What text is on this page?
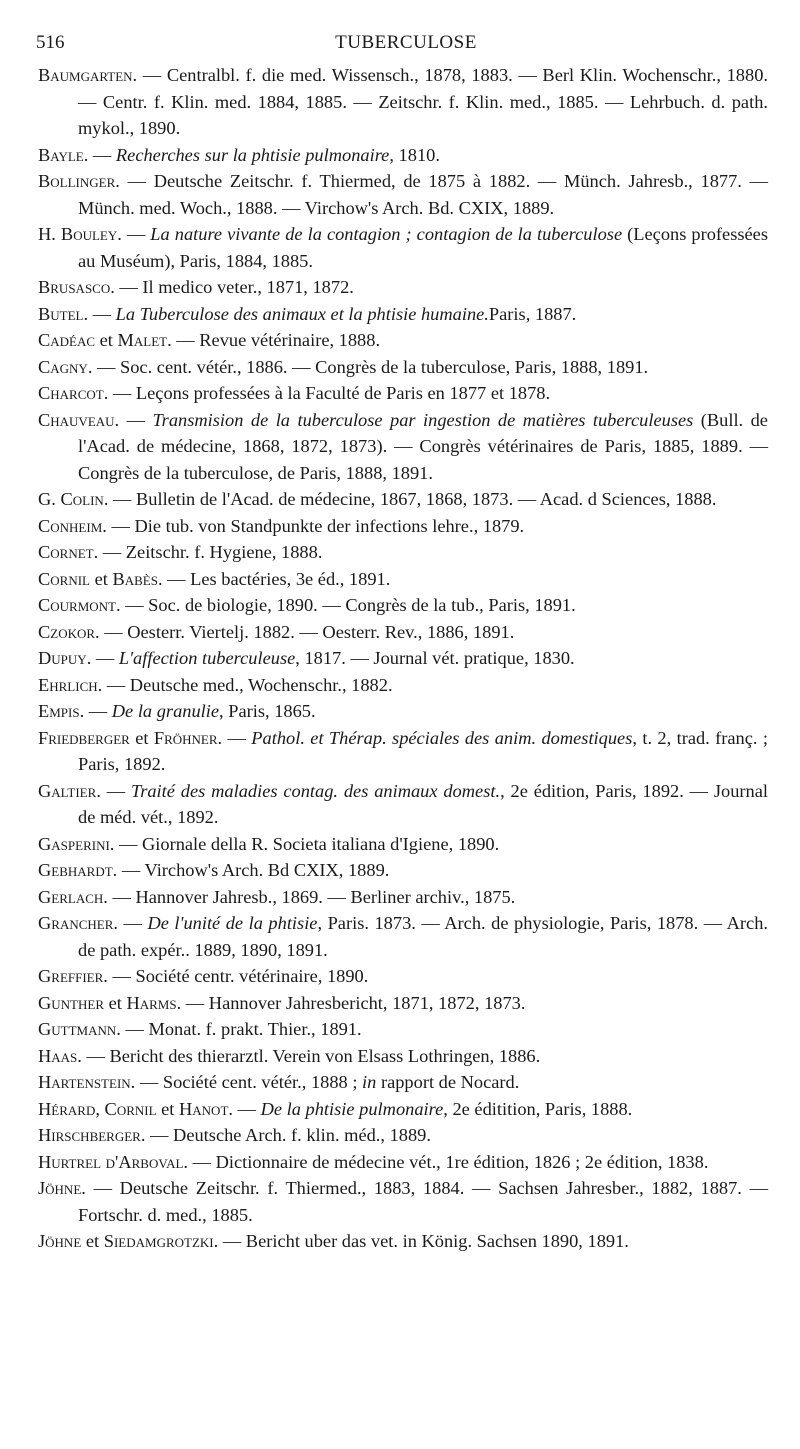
516	TUBERCULOSE
Baumgarten. — Centralbl. f. die med. Wissensch., 1878, 1883. — Berl Klin. Wochenschr., 1880. — Centr. f. Klin. med. 1884, 1885. — Zeitschr. f. Klin. med., 1885. — Lehrbuch. d. path. mykol., 1890.
Bayle. — Recherches sur la phtisie pulmonaire, 1810.
Bollinger. — Deutsche Zeitschr. f. Thiermed, de 1875 à 1882. — Münch. Jahresb., 1877. — Münch. med. Woch., 1888. — Virchow's Arch. Bd. CXIX, 1889.
H. Bouley. — La nature vivante de la contagion ; contagion de la tuberculose (Leçons professées au Muséum), Paris, 1884, 1885.
Brusasco. — Il medico veter., 1871, 1872.
Butel. — La Tuberculose des animaux et la phtisie humaine.Paris, 1887.
Cadéac et Malet. — Revue vétérinaire, 1888.
Cagny. — Soc. cent. vétér., 1886. — Congrès de la tuberculose, Paris, 1888, 1891.
Charcot. — Leçons professées à la Faculté de Paris en 1877 et 1878.
Chauveau. — Transmision de la tuberculose par ingestion de matières tuberculeuses (Bull. de l'Acad. de médecine, 1868, 1872, 1873). — Congrès vétérinaires de Paris, 1885, 1889. — Congrès de la tuberculose, de Paris, 1888, 1891.
G. Colin. — Bulletin de l'Acad. de médecine, 1867, 1868, 1873. — Acad. d Sciences, 1888.
Conheim. — Die tub. von Standpunkte der infections lehre., 1879.
Cornet. — Zeitschr. f. Hygiene, 1888.
Cornil et Babès. — Les bactéries, 3e éd., 1891.
Courmont. — Soc. de biologie, 1890. — Congrès de la tub., Paris, 1891.
Czokor. — Oesterr. Viertelj. 1882. — Oesterr. Rev., 1886, 1891.
Dupuy. — L'affection tuberculeuse, 1817. — Journal vét. pratique, 1830.
Ehrlich. — Deutsche med., Wochenschr., 1882.
Empis. — De la granulie, Paris, 1865.
Friedberger et Fröhner. — Pathol. et Thérap. spéciales des anim. domestiques, t. 2, trad. franç. ; Paris, 1892.
Galtier. — Traité des maladies contag. des animaux domest., 2e édition, Paris, 1892. — Journal de méd. vét., 1892.
Gasperini. — Giornale della R. Societa italiana d'Igiene, 1890.
Gebhardt. — Virchow's Arch. Bd CXIX, 1889.
Gerlach. — Hannover Jahresb., 1869. — Berliner archiv., 1875.
Grancher. — De l'unité de la phtisie, Paris. 1873. — Arch. de physiologie, Paris, 1878. — Arch. de path. expér.. 1889, 1890, 1891.
Greffier. — Société centr. vétérinaire, 1890.
Gunther et Harms. — Hannover Jahresbericht, 1871, 1872, 1873.
Guttmann. — Monat. f. prakt. Thier., 1891.
Haas. — Bericht des thierarztl. Verein von Elsass Lothringen, 1886.
Hartenstein. — Société cent. vétér., 1888 ; in rapport de Nocard.
Hérard, Cornil et Hanot. — De la phtisie pulmonaire, 2e éditition, Paris, 1888.
Hirschberger. — Deutsche Arch. f. klin. méd., 1889.
Hurtrel d'Arboval. — Dictionnaire de médecine vét., 1re édition, 1826 ; 2e édition, 1838.
Jöhne. — Deutsche Zeitschr. f. Thiermed., 1883, 1884. — Sachsen Jahresber., 1882, 1887. — Fortschr. d. med., 1885.
Jöhne et Siedamgrotzki. — Bericht uber das vet. in König. Sachsen 1890, 1891.
